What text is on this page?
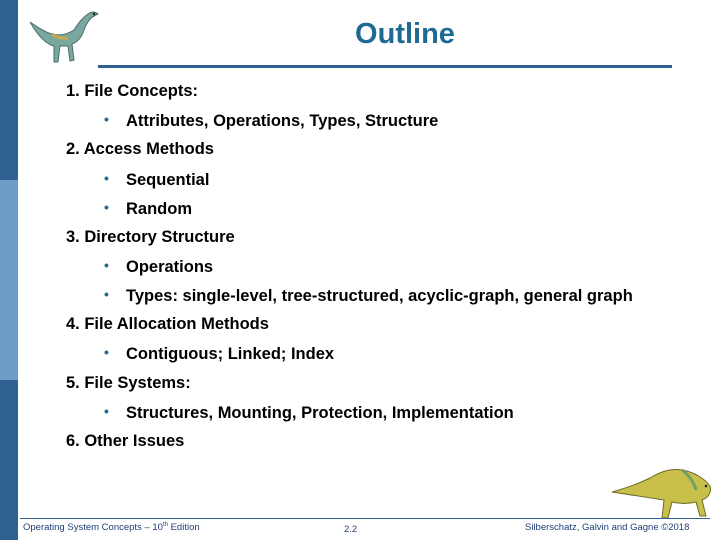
Outline
1. File Concepts:
• Attributes, Operations, Types, Structure
2. Access Methods
• Sequential
• Random
3. Directory Structure
• Operations
• Types: single-level, tree-structured, acyclic-graph, general graph
4. File Allocation Methods
• Contiguous; Linked; Index
5. File Systems:
• Structures, Mounting, Protection, Implementation
6. Other Issues
Operating System Concepts – 10th Edition	2.2	Silberschatz, Galvin and Gagne ©2018
